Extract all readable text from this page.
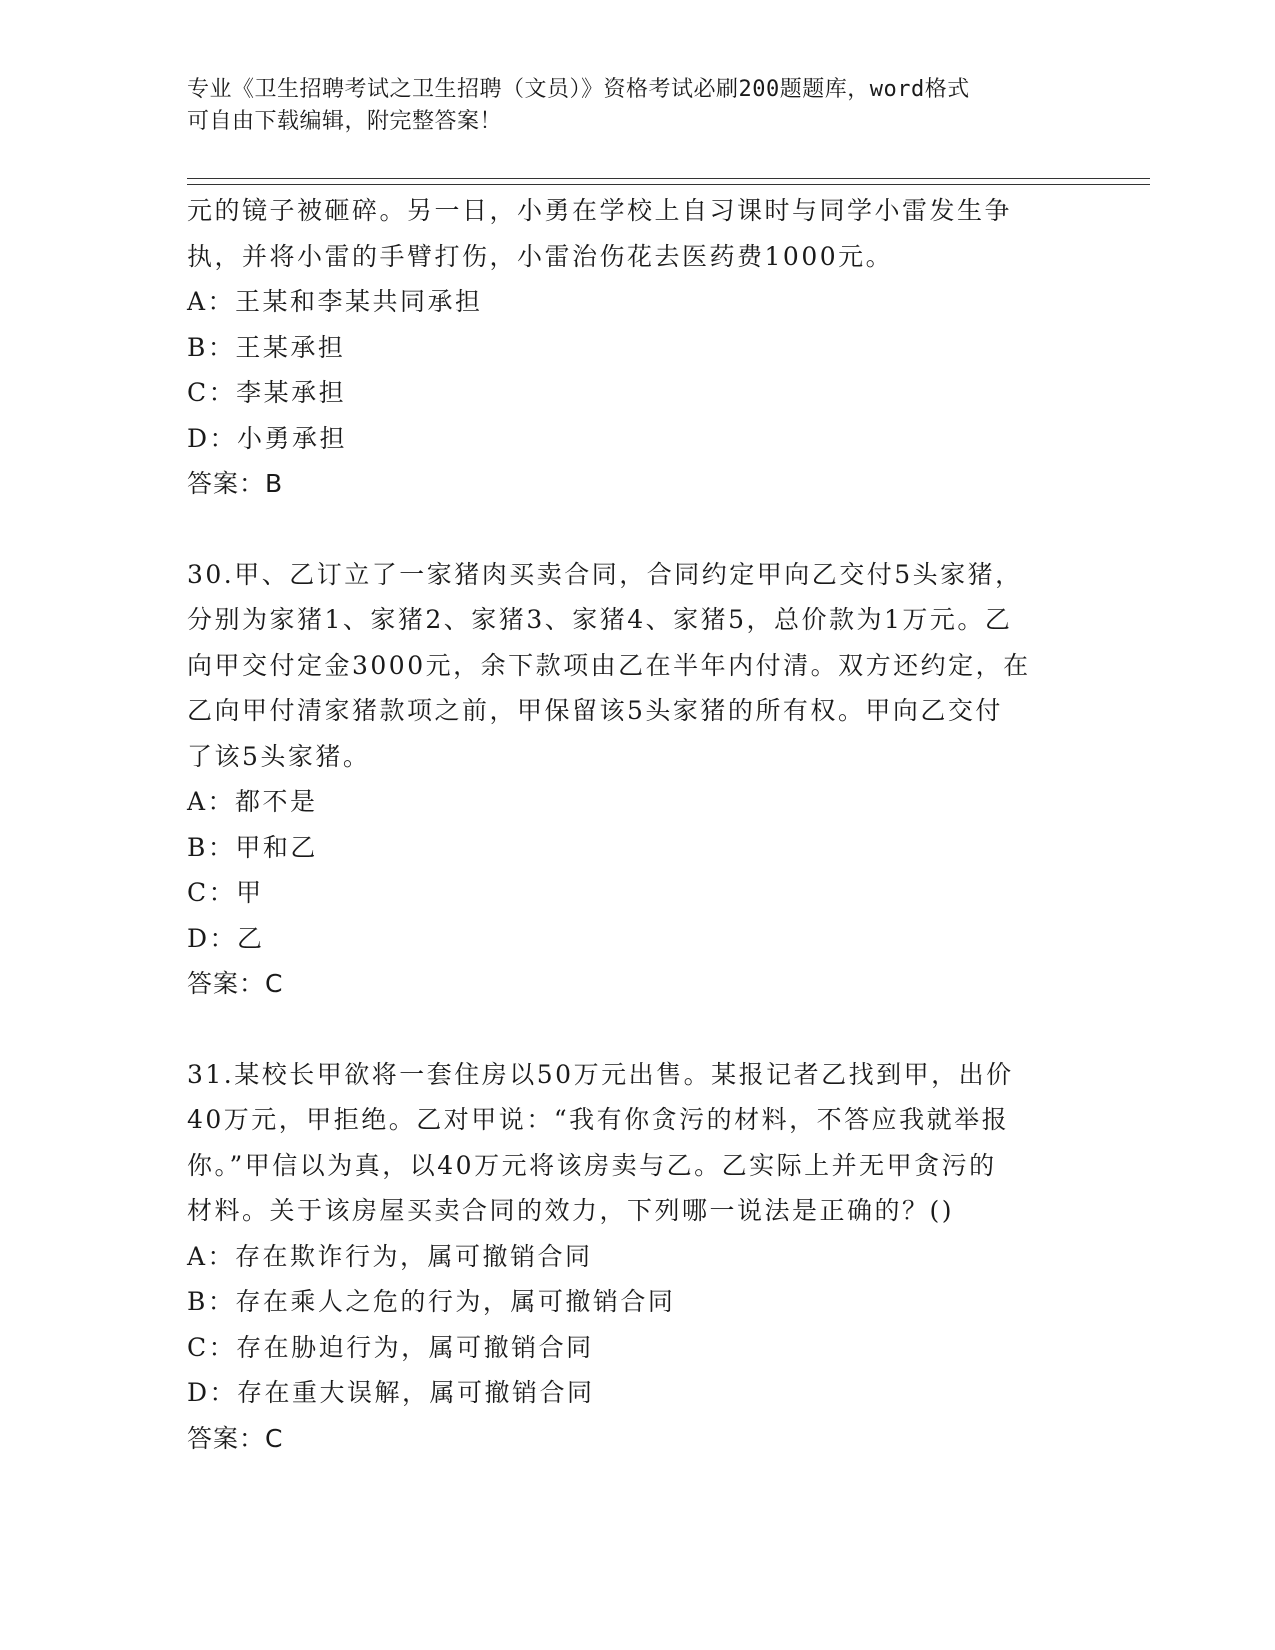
专业《卫生招聘考试之卫生招聘（文员）》资格考试必刷200题题库，word格式
可自由下载编辑，附完整答案！
元的镜子被砸碎。另一日，小勇在学校上自习课时与同学小雷发生争
执，并将小雷的手臂打伤，小雷治伤花去医药费1000元。
A：王某和李某共同承担
B：王某承担
C：李某承担
D：小勇承担
答案：B
30.甲、乙订立了一家猪肉买卖合同，合同约定甲向乙交付5头家猪，
分别为家猪1、家猪2、家猪3、家猪4、家猪5，总价款为1万元。乙
向甲交付定金3000元，余下款项由乙在半年内付清。双方还约定，在
乙向甲付清家猪款项之前，甲保留该5头家猪的所有权。甲向乙交付
了该5头家猪。
A：都不是
B：甲和乙
C：甲
D：乙
答案：C
31.某校长甲欲将一套住房以50万元出售。某报记者乙找到甲，出价
40万元，甲拒绝。乙对甲说：“我有你贪污的材料，不答应我就举报
你。”甲信以为真，以40万元将该房卖与乙。乙实际上并无甲贪污的
材料。关于该房屋买卖合同的效力，下列哪一说法是正确的？()
A：存在欺诈行为，属可撤销合同
B：存在乘人之危的行为，属可撤销合同
C：存在胁迫行为，属可撤销合同
D：存在重大误解，属可撤销合同
答案：C
